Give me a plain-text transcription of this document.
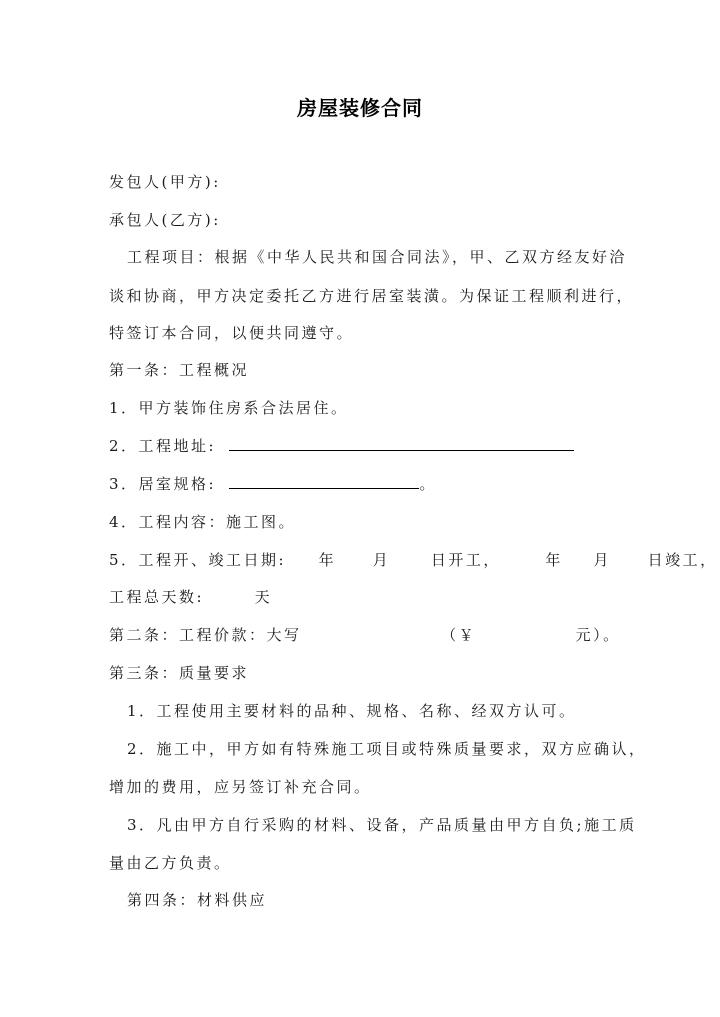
房屋装修合同
发包人(甲方):
承包人(乙方):
工程项目：根据《中华人民共和国合同法》，甲、乙双方经友好洽
谈和协商，甲方决定委托乙方进行居室装潢。为保证工程顺利进行，
特签订本合同，以便共同遵守。
第一条：工程概况
1．甲方装饰住房系合法居住。
2．工程地址:
3．居室规格:	。
4．工程内容：施工图。
5．工程开、竣工日期: 年 月	日开工，	年 月 日竣工，
工程总天数:	天
第二条：工程价款：大写	（￥	元）。
第三条：质量要求
1．工程使用主要材料的品种、规格、名称、经双方认可。
2．施工中，甲方如有特殊施工项目或特殊质量要求，双方应确认，
增加的费用，应另签订补充合同。
3．凡由甲方自行采购的材料、设备，产品质量由甲方自负;施工质
量由乙方负责。
第四条：材料供应
